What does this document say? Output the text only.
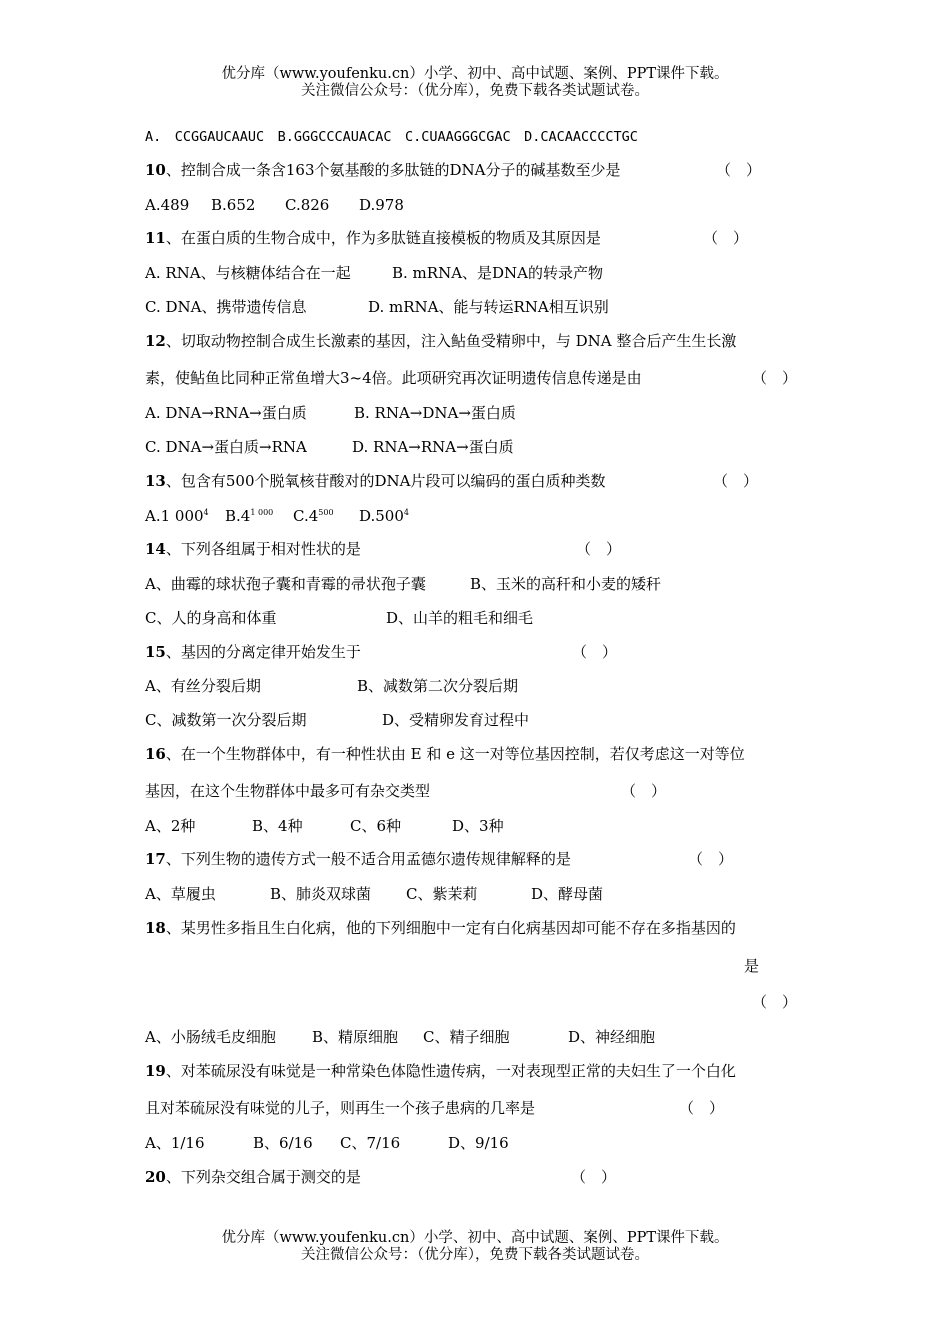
优分库（www.youfenku.cn）小学、初中、高中试题、案例、PPT课件下载。
关注微信公众号：（优分库），免费下载各类试题试卷。
A.　CCGGAUCAAUC　B.GGGCCCAUACAC　C.CUAAGGGCGAC　D.CACAACCCCTGC
10、控制合成一条含163个氨基酸的多肽链的DNA分子的碱基数至少是	（　）
A.489 B.652 C.826 D.978
11、在蛋白质的生物合成中，作为多肽链直接模板的物质及其原因是	（　）
A. RNA、与核糖体结合在一起	B. mRNA、是DNA的转录产物
C. DNA、携带遗传信息	D. mRNA、能与转运RNA相互识别
12、切取动物控制合成生长激素的基因，注入鲇鱼受精卵中，与 DNA 整合后产生生长激
素，使鲇鱼比同种正常鱼增大3~4倍。此项研究再次证明遗传信息传递是由	（　）
A. DNA→RNA→蛋白质	B. RNA→DNA→蛋白质
C. DNA→蛋白质→RNA	D. RNA→RNA→蛋白质
13、包含有500个脱氧核苷酸对的DNA片段可以编码的蛋白质种类数	（　）
A.1 $000^4$ $B.4^{1 000}$ $C.4^{500}$ D.500$^4$
14、下列各组属于相对性状的是	（　）
A、曲霉的球状孢子囊和青霉的帚状孢子囊	B、玉米的高秆和小麦的矮秆
C、人的身高和体重	D、山羊的粗毛和细毛
15、基因的分离定律开始发生于	（　）
A、有丝分裂后期	B、减数第二次分裂后期
C、减数第一次分裂后期	D、受精卵发育过程中
16、在一个生物群体中，有一种性状由 E 和 e 这一对等位基因控制，若仅考虑这一对等位
基因，在这个生物群体中最多可有杂交类型	（　）
A、2种	B、4种	C、6种	D、3种
17、下列生物的遗传方式一般不适合用孟德尔遗传规律解释的是	（　）
A、草履虫	B、肺炎双球菌 C、紫茉莉	D、酵母菌
18、某男性多指且生白化病，他的下列细胞中一定有白化病基因却可能不存在多指基因的
是
（　）
A、小肠绒毛皮细胞 B、精原细胞 C、精子细胞	D、神经细胞
19、对苯硫尿没有味觉是一种常染色体隐性遗传病，一对表现型正常的夫妇生了一个白化
且对苯硫尿没有味觉的儿子，则再生一个孩子患病的几率是	（　）
A、1/16	B、6/16 C、7/16	D、9/16
20、下列杂交组合属于测交的是	（　）
优分库（www.youfenku.cn）小学、初中、高中试题、案例、PPT课件下载。
关注微信公众号：（优分库），免费下载各类试题试卷。
